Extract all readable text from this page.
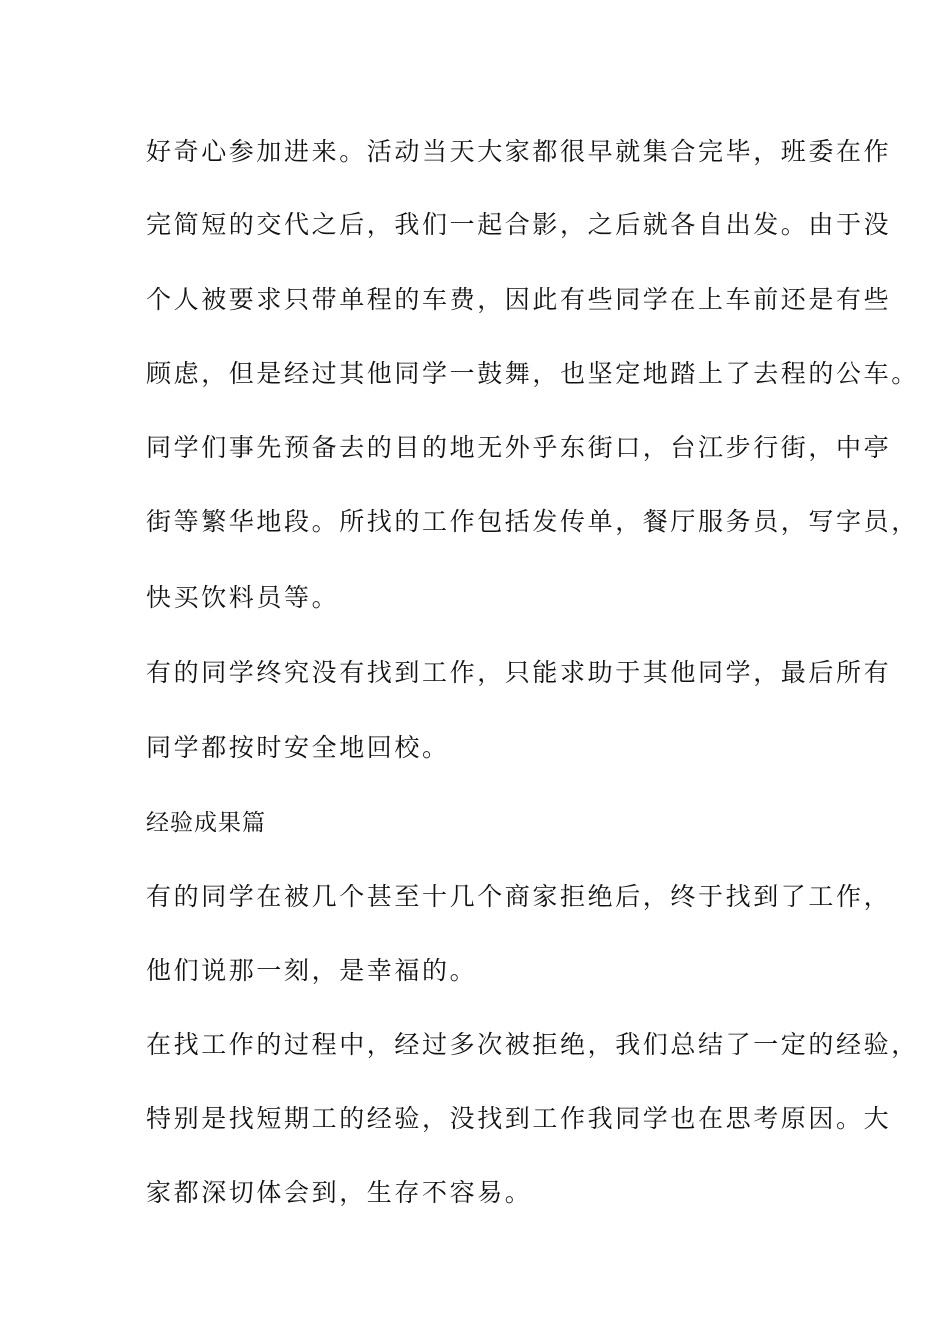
好奇心参加进来。活动当天大家都很早就集合完毕，班委在作
完简短的交代之后，我们一起合影，之后就各自出发。由于没
个人被要求只带单程的车费，因此有些同学在上车前还是有些
顾虑，但是经过其他同学一鼓舞，也坚定地踏上了去程的公车。
同学们事先预备去的目的地无外乎东街口，台江步行街，中亭
街等繁华地段。所找的工作包括发传单，餐厅服务员，写字员，
快买饮料员等。
有的同学终究没有找到工作，只能求助于其他同学，最后所有
同学都按时安全地回校。
经验成果篇
有的同学在被几个甚至十几个商家拒绝后，终于找到了工作，
他们说那一刻，是幸福的。
在找工作的过程中，经过多次被拒绝，我们总结了一定的经验，
特别是找短期工的经验，没找到工作我同学也在思考原因。大
家都深切体会到，生存不容易。
